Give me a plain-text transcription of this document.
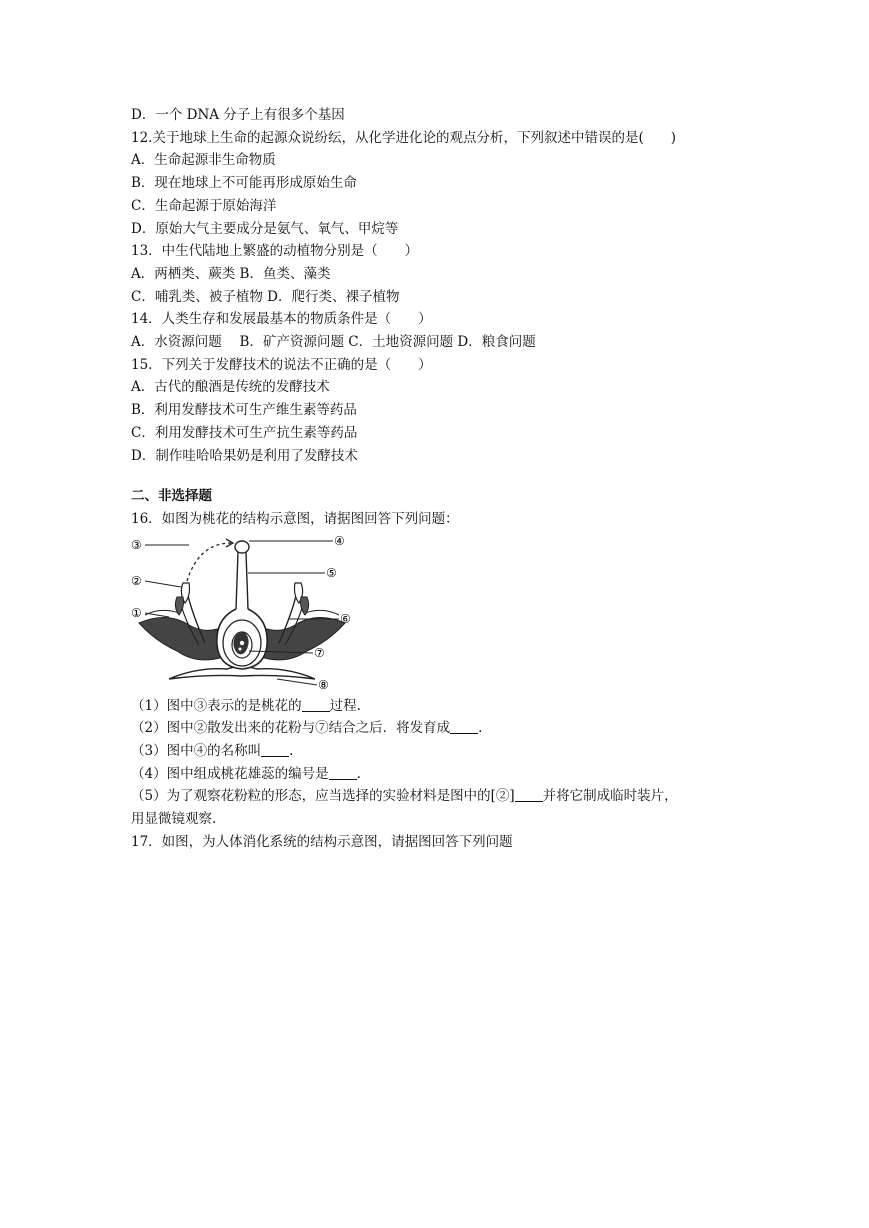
D．一个 DNA 分子上有很多个基因
12.关于地球上生命的起源众说纷纭，从化学进化论的观点分析，下列叙述中错误的是(　　)
A．生命起源非生命物质
B．现在地球上不可能再形成原始生命
C．生命起源于原始海洋
D．原始大气主要成分是氨气、氧气、甲烷等
13．中生代陆地上繁盛的动植物分别是（　　）
A．两栖类、蕨类 B．鱼类、藻类
C．哺乳类、被子植物 D．爬行类、裸子植物
14．人类生存和发展最基本的物质条件是（　　）
A．水资源问题　 B．矿产资源问题 C．土地资源问题 D．粮食问题
15．下列关于发酵技术的说法不正确的是（　　）
A．古代的酿酒是传统的发酵技术
B．利用发酵技术可生产维生素等药品
C．利用发酵技术可生产抗生素等药品
D．制作哇哈哈果奶是利用了发酵技术
二、非选择题
16．如图为桃花的结构示意图，请据图回答下列问题：
③
②
①
④
⑤
⑥
⑦
⑧
（1）图中③表示的是桃花的 过程.
（2）图中②散发出来的花粉与⑦结合之后．将发育成 .
（3）图中④的名称叫 .
（4）图中组成桃花雄蕊的编号是 .
（5）为了观察花粉粒的形态，应当选择的实验材料是图中的[②] 并将它制成临时装片，
用显微镜观察.
17．如图，为人体消化系统的结构示意图，请据图回答下列问题
